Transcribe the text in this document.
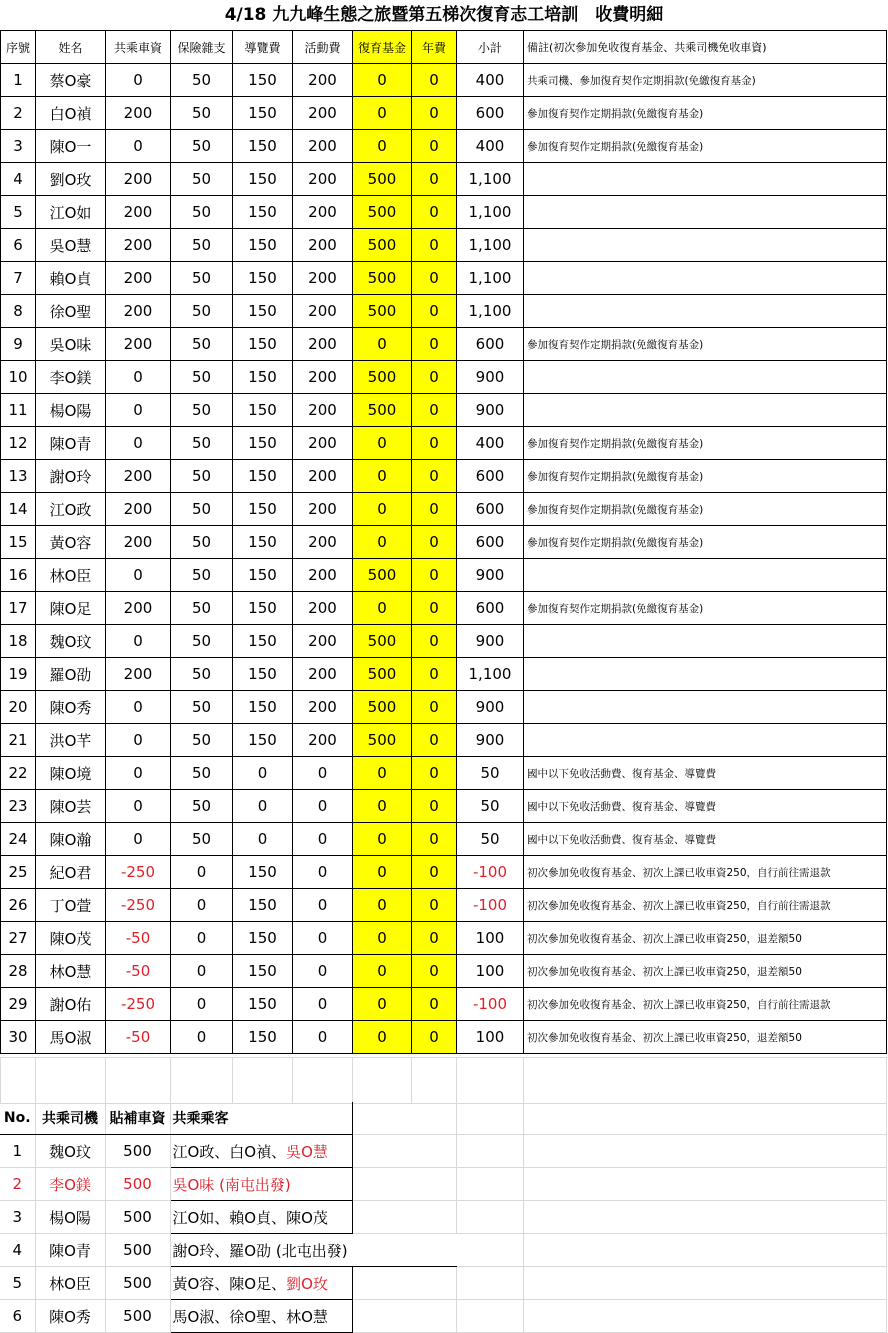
4/18 九九峰生態之旅暨第五梯次復育志工培訓　收費明細
序號	姓名	共乘車資	保險雜支	導覽費	活動費	復育基金	年費	小計	備註(初次參加免收復育基金、共乘司機免收車資)
1	蔡O豪	0	50	150	200	0	0	400	共乘司機、參加復育契作定期捐款(免繳復育基金)
2	白O禎	200	50	150	200	0	0	600	參加復育契作定期捐款(免繳復育基金)
3	陳O一	0	50	150	200	0	0	400	參加復育契作定期捐款(免繳復育基金)
4	劉O玫	200	50	150	200	500	0	1,100	
5	江O如	200	50	150	200	500	0	1,100	
6	吳O慧	200	50	150	200	500	0	1,100	
7	賴O貞	200	50	150	200	500	0	1,100	
8	徐O聖	200	50	150	200	500	0	1,100	
9	吳O味	200	50	150	200	0	0	600	參加復育契作定期捐款(免繳復育基金)
10	李O鎂	0	50	150	200	500	0	900	
11	楊O陽	0	50	150	200	500	0	900	
12	陳O青	0	50	150	200	0	0	400	參加復育契作定期捐款(免繳復育基金)
13	謝O玲	200	50	150	200	0	0	600	參加復育契作定期捐款(免繳復育基金)
14	江O政	200	50	150	200	0	0	600	參加復育契作定期捐款(免繳復育基金)
15	黃O容	200	50	150	200	0	0	600	參加復育契作定期捐款(免繳復育基金)
16	林O臣	0	50	150	200	500	0	900	
17	陳O足	200	50	150	200	0	0	600	參加復育契作定期捐款(免繳復育基金)
18	魏O玟	0	50	150	200	500	0	900	
19	羅O劭	200	50	150	200	500	0	1,100	
20	陳O秀	0	50	150	200	500	0	900	
21	洪O芊	0	50	150	200	500	0	900	
22	陳O境	0	50	0	0	0	0	50	國中以下免收活動費、復育基金、導覽費
23	陳O芸	0	50	0	0	0	0	50	國中以下免收活動費、復育基金、導覽費
24	陳O瀚	0	50	0	0	0	0	50	國中以下免收活動費、復育基金、導覽費
25	紀O君	-250	0	150	0	0	0	-100	初次參加免收復育基金、初次上課已收車資250，自行前往需退款
26	丁O萱	-250	0	150	0	0	0	-100	初次參加免收復育基金、初次上課已收車資250，自行前往需退款
27	陳O茂	-50	0	150	0	0	0	100	初次參加免收復育基金、初次上課已收車資250，退差額50
28	林O慧	-50	0	150	0	0	0	100	初次參加免收復育基金、初次上課已收車資250，退差額50
29	謝O佑	-250	0	150	0	0	0	-100	初次參加免收復育基金、初次上課已收車資250，自行前往需退款
30	馬O淑	-50	0	150	0	0	0	100	初次參加免收復育基金、初次上課已收車資250，退差額50

No.	共乘司機	貼補車資	共乘乘客			
1	魏O玟	500	江O政、白O禎、吳O慧			
2	李O鎂	500	吳O味 (南屯出發)			
3	楊O陽	500	江O如、賴O貞、陳O茂			
4	陳O青	500	謝O玲、羅O劭 (北屯出發)			
5	林O臣	500	黃O容、陳O足、劉O玫			
6	陳O秀	500	馬O淑、徐O聖、林O慧			
